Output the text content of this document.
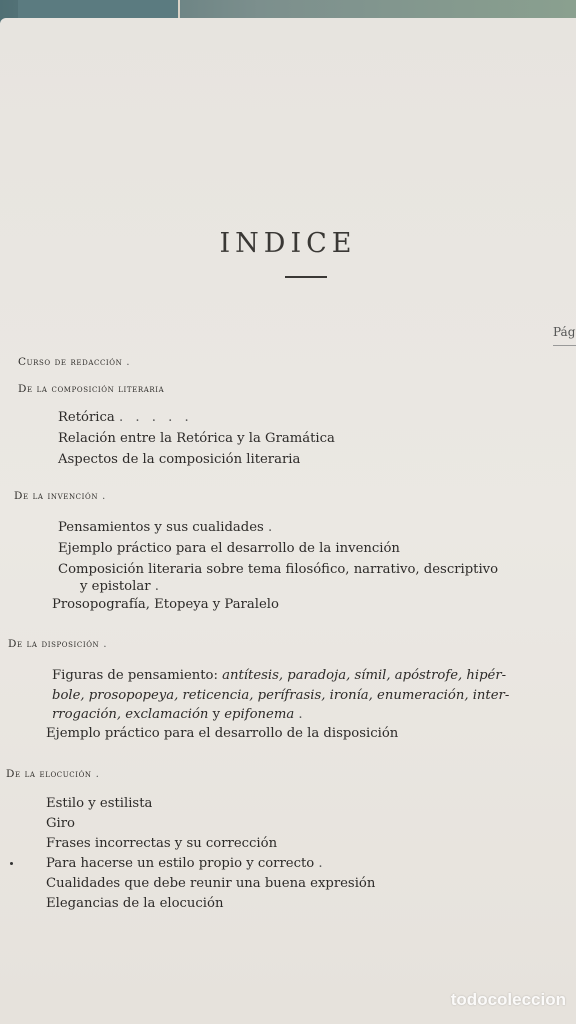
INDICE
Pág
Curso de redacción .
De la composición literaria
Retórica . . . . .
Relación entre la Retórica y la Gramática
Aspectos de la composición literaria
De la invención .
Pensamientos y sus cualidades .
Ejemplo práctico para el desarrollo de la invención
Composición literaria sobre tema filosófico, narrativo, descriptivo
y epistolar .
Prosopografía, Etopeya y Paralelo
De la disposición .
Figuras de pensamiento: antítesis, paradoja, símil, apóstrofe, hipér-
bole, prosopopeya, reticencia, perífrasis, ironía, enumeración, inter-
rrogación, exclamación y epifonema .
Ejemplo práctico para el desarrollo de la disposición
De la elocución .
Estilo y estilista
Giro
Frases incorrectas y su corrección
Para hacerse un estilo propio y correcto .
Cualidades que debe reunir una buena expresión
Elegancias de la elocución
todocoleccion
